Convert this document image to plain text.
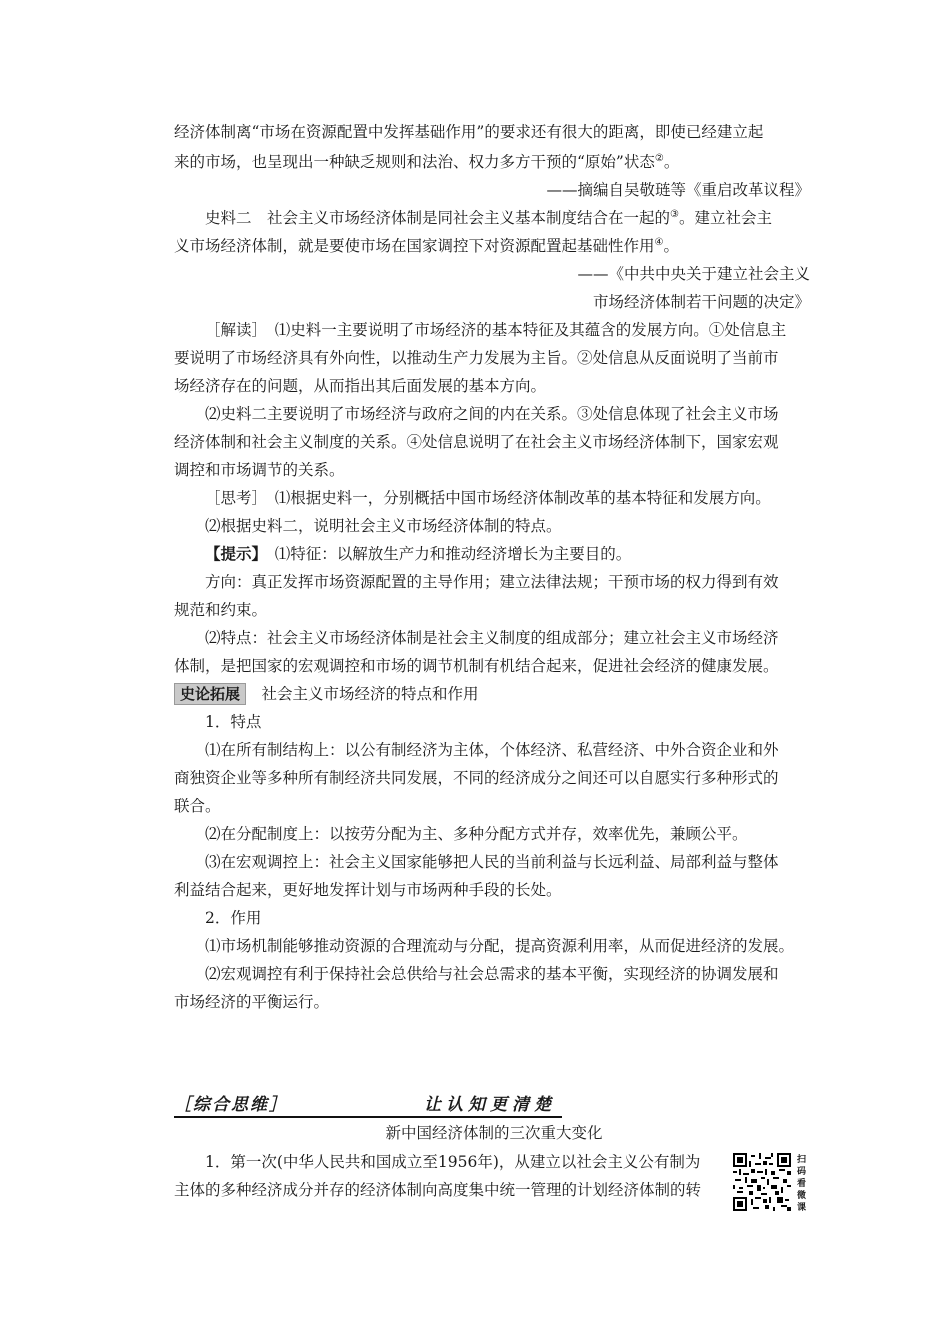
经济体制离“市场在资源配置中发挥基础作用”的要求还有很大的距离，即使已经建立起
来的市场，也呈现出一种缺乏规则和法治、权力多方干预的“原始”状态②。
——摘编自吴敬琏等《重启改革议程》
史料二　社会主义市场经济体制是同社会主义基本制度结合在一起的③。建立社会主
义市场经济体制，就是要使市场在国家调控下对资源配置起基础性作用④。
——《中共中央关于建立社会主义
市场经济体制若干问题的决定》
［解读］　⑴史料一主要说明了市场经济的基本特征及其蕴含的发展方向。①处信息主
要说明了市场经济具有外向性，以推动生产力发展为主旨。②处信息从反面说明了当前市
场经济存在的问题，从而指出其后面发展的基本方向。
⑵史料二主要说明了市场经济与政府之间的内在关系。③处信息体现了社会主义市场
经济体制和社会主义制度的关系。④处信息说明了在社会主义市场经济体制下，国家宏观
调控和市场调节的关系。
［思考］　⑴根据史料一，分别概括中国市场经济体制改革的基本特征和发展方向。
⑵根据史料二，说明社会主义市场经济体制的特点。
【提示】　⑴特征：以解放生产力和推动经济增长为主要目的。
方向：真正发挥市场资源配置的主导作用；建立法律法规；干预市场的权力得到有效
规范和约束。
⑵特点：社会主义市场经济体制是社会主义制度的组成部分；建立社会主义市场经济
体制，是把国家的宏观调控和市场的调节机制有机结合起来，促进社会经济的健康发展。
史论拓展　社会主义市场经济的特点和作用
1．特点
⑴在所有制结构上：以公有制经济为主体，个体经济、私营经济、中外合资企业和外
商独资企业等多种所有制经济共同发展，不同的经济成分之间还可以自愿实行多种形式的
联合。
⑵在分配制度上：以按劳分配为主、多种分配方式并存，效率优先，兼顾公平。
⑶在宏观调控上：社会主义国家能够把人民的当前利益与长远利益、局部利益与整体
利益结合起来，更好地发挥计划与市场两种手段的长处。
2．作用
⑴市场机制能够推动资源的合理流动与分配，提高资源利用率，从而促进经济的发展。
⑵宏观调控有利于保持社会总供给与社会总需求的基本平衡，实现经济的协调发展和
市场经济的平衡运行。
［综合思维］	让认知更清楚
新中国经济体制的三次重大变化
1．第一次(中华人民共和国成立至1956年)，从建立以社会主义公有制为
主体的多种经济成分并存的经济体制向高度集中统一管理的计划经济体制的转
扫码看微课
